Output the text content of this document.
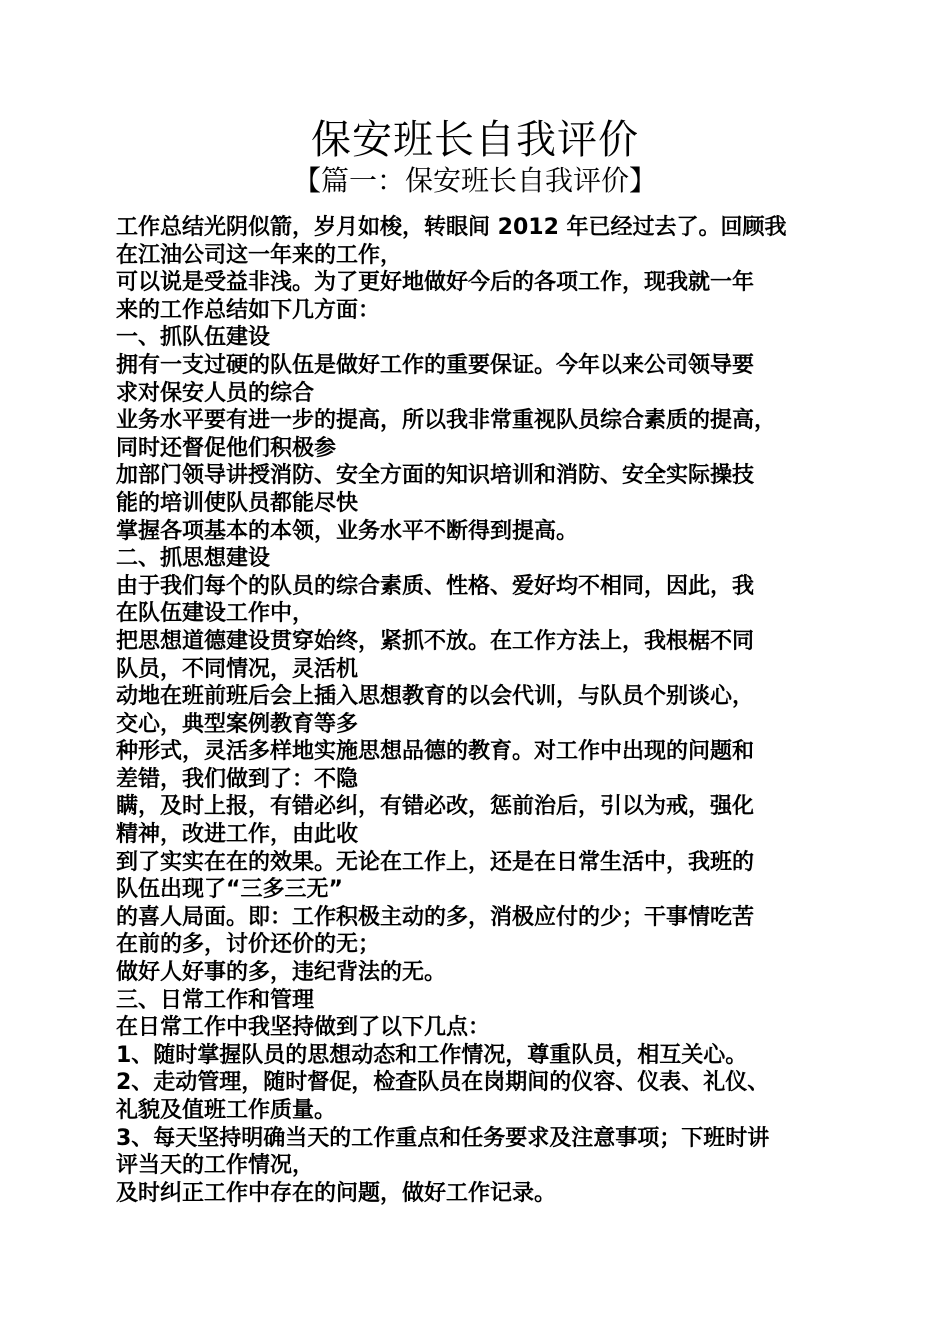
保安班长自我评价
【篇一：保安班长自我评价】
工作总结光阴似箭，岁月如梭，转眼间 2012 年已经过去了。回顾我
在江油公司这一年来的工作，
可以说是受益非浅。为了更好地做好今后的各项工作，现我就一年
来的工作总结如下几方面：
一、抓队伍建设
拥有一支过硬的队伍是做好工作的重要保证。今年以来公司领导要
求对保安人员的综合
业务水平要有进一步的提高，所以我非常重视队员综合素质的提高，
同时还督促他们积极参
加部门领导讲授消防、安全方面的知识培训和消防、安全实际操技
能的培训使队员都能尽快
掌握各项基本的本领，业务水平不断得到提高。
二、抓思想建设
由于我们每个的队员的综合素质、性格、爱好均不相同，因此，我
在队伍建设工作中，
把思想道德建设贯穿始终，紧抓不放。在工作方法上，我根椐不同
队员，不同情况，灵活机
动地在班前班后会上插入思想教育的以会代训，与队员个别谈心，
交心，典型案例教育等多
种形式，灵活多样地实施思想品德的教育。对工作中出现的问题和
差错，我们做到了：不隐
瞒，及时上报，有错必纠，有错必改，惩前治后，引以为戒，强化
精神，改进工作，由此收
到了实实在在的效果。无论在工作上，还是在日常生活中，我班的
队伍出现了“三多三无”
的喜人局面。即：工作积极主动的多，消极应付的少；干事情吃苦
在前的多，讨价还价的无；
做好人好事的多，违纪背法的无。
三、日常工作和管理
在日常工作中我坚持做到了以下几点：
1、随时掌握队员的思想动态和工作情况，尊重队员，相互关心。
2、走动管理，随时督促，检查队员在岗期间的仪容、仪表、礼仪、
礼貌及值班工作质量。
3、每天坚持明确当天的工作重点和任务要求及注意事项；下班时讲
评当天的工作情况，
及时纠正工作中存在的问题，做好工作记录。
